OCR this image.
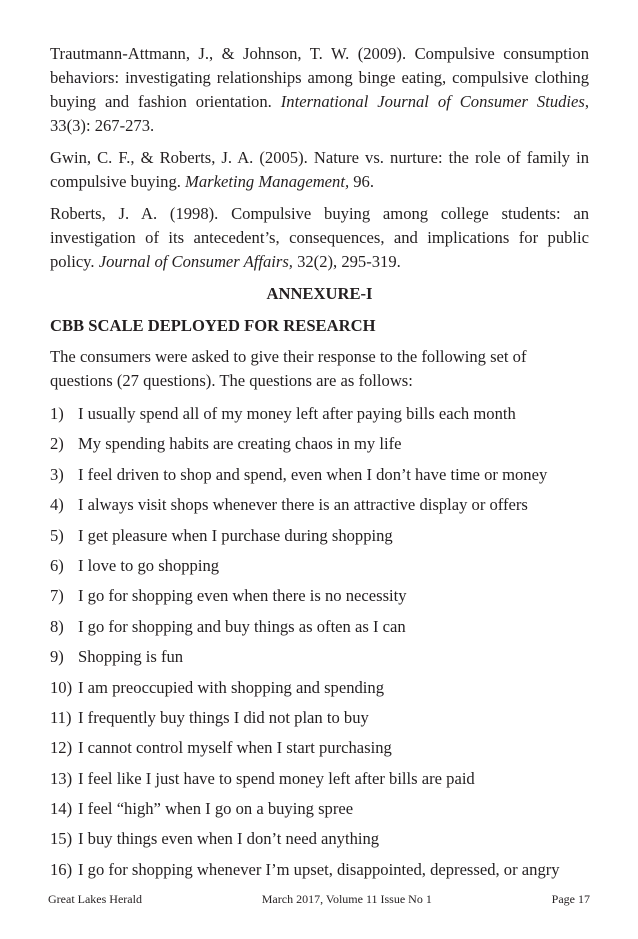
Trautmann-Attmann, J., & Johnson, T. W. (2009). Compulsive consumption behaviors: investigating relationships among binge eating, compulsive clothing buying and fashion orientation. International Journal of Consumer Studies, 33(3): 267-273.

Gwin, C. F., & Roberts, J. A. (2005). Nature vs. nurture: the role of family in compulsive buying. Marketing Management, 96.

Roberts, J. A. (1998). Compulsive buying among college students: an investigation of its antecedent’s, consequences, and implications for public policy. Journal of Consumer Affairs, 32(2), 295-319.

ANNEXURE-I
CBB SCALE DEPLOYED FOR RESEARCH

The consumers were asked to give their response to the following set of questions (27 questions). The questions are as follows:

1) I usually spend all of my money left after paying bills each month
2) My spending habits are creating chaos in my life
3) I feel driven to shop and spend, even when I don’t have time or money
4) I always visit shops whenever there is an attractive display or offers
5) I get pleasure when I purchase during shopping
6) I love to go shopping
7) I go for shopping even when there is no necessity
8) I go for shopping and buy things as often as I can
9) Shopping is fun
10) I am preoccupied with shopping and spending
11) I frequently buy things I did not plan to buy
12) I cannot control myself when I start purchasing
13) I feel like I just have to spend money left after bills are paid
14) I feel “high” when I go on a buying spree
15) I buy things even when I don’t need anything
16) I go for shopping whenever I’m upset, disappointed, depressed, or angry
Great Lakes Herald	March 2017, Volume 11 Issue No 1	Page 17
